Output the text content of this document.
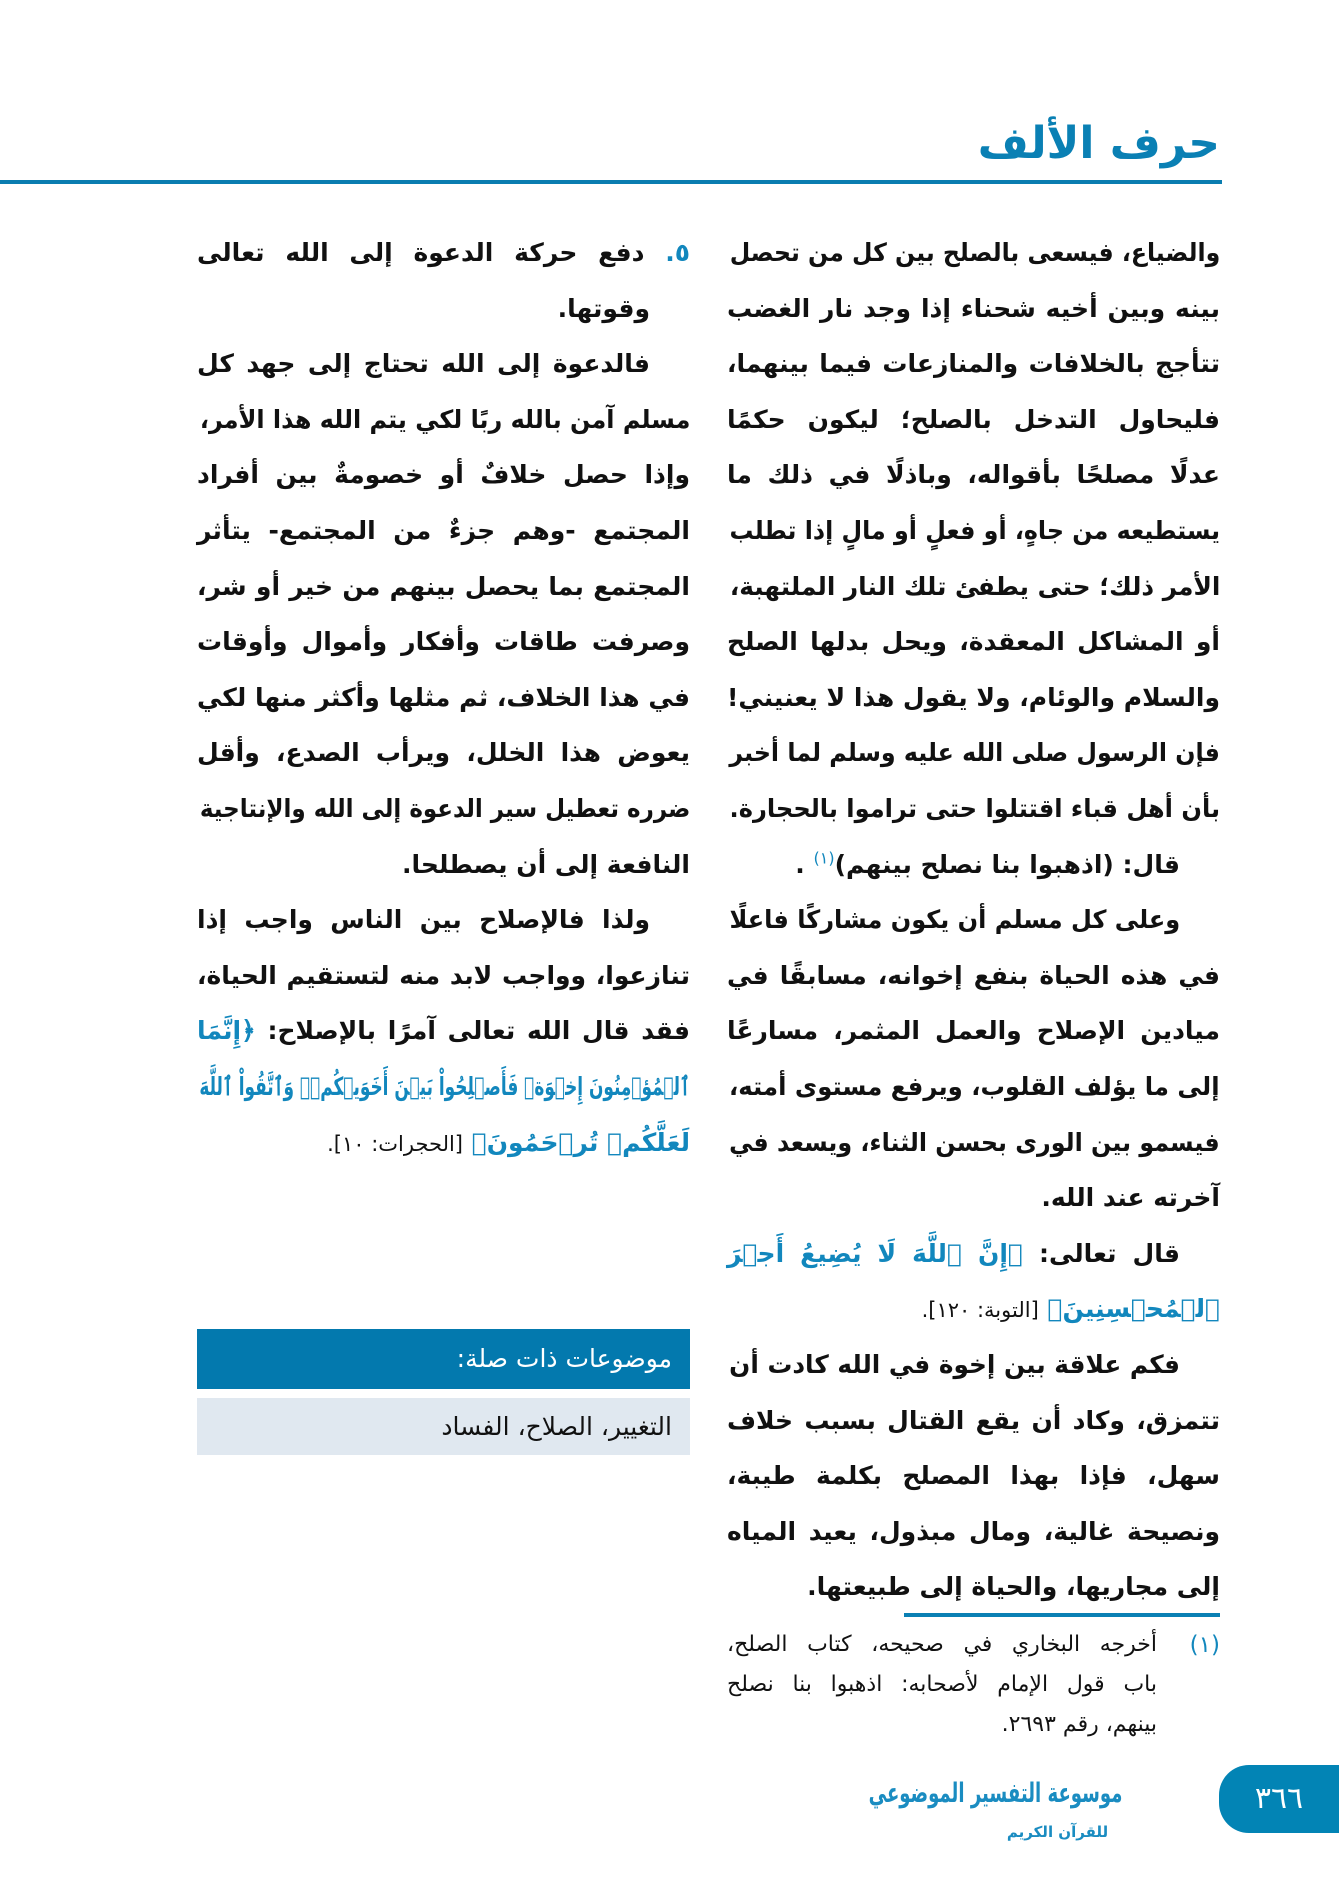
حرف الألف
والضياع، فيسعى بالصلح بين كل من تحصل
بينه وبين أخيه شحناء إذا وجد نار الغضب
تتأجج بالخلافات والمنازعات فيما بينهما،
فليحاول التدخل بالصلح؛ ليكون حكمًا
عدلًا مصلحًا بأقواله، وباذلًا في ذلك ما
يستطيعه من جاهٍ، أو فعلٍ أو مالٍ إذا تطلب
الأمر ذلك؛ حتى يطفئ تلك النار الملتهبة،
أو المشاكل المعقدة، ويحل بدلها الصلح
والسلام والوئام، ولا يقول هذا لا يعنيني!
فإن الرسول صلى الله عليه وسلم لما أخبر
بأن أهل قباء اقتتلوا حتى تراموا بالحجارة.
قال: (اذهبوا بنا نصلح بينهم)$^{(١)}$ .
وعلى كل مسلم أن يكون مشاركًا فاعلًا
في هذه الحياة بنفع إخوانه، مسابقًا في
ميادين الإصلاح والعمل المثمر، مسارعًا
إلى ما يؤلف القلوب، ويرفع مستوى أمته،
فيسمو بين الورى بحسن الثناء، ويسعد في
آخرته عند الله.
قال تعالى: ﴿إِنَّ ٱللَّهَ لَا يُضِيعُ أَجۡرَ
ٱلۡمُحۡسِنِينَ﴾ [التوبة: ١٢٠].
فكم علاقة بين إخوة في الله كادت أن
تتمزق، وكاد أن يقع القتال بسبب خلاف
سهل، فإذا بهذا المصلح بكلمة طيبة،
ونصيحة غالية، ومال مبذول، يعيد المياه
إلى مجاريها، والحياة إلى طبيعتها.
٥. دفع حركة الدعوة إلى الله تعالى
وقوتها.
فالدعوة إلى الله تحتاج إلى جهد كل
مسلم آمن بالله ربًا لكي يتم الله هذا الأمر،
وإذا حصل خلافٌ أو خصومةٌ بين أفراد
المجتمع -وهم جزءٌ من المجتمع- يتأثر
المجتمع بما يحصل بينهم من خير أو شر،
وصرفت طاقات وأفكار وأموال وأوقات
في هذا الخلاف، ثم مثلها وأكثر منها لكي
يعوض هذا الخلل، ويرأب الصدع، وأقل
ضرره تعطيل سير الدعوة إلى الله والإنتاجية
النافعة إلى أن يصطلحا.
ولذا فالإصلاح بين الناس واجب إذا
تنازعوا، وواجب لابد منه لتستقيم الحياة،
فقد قال الله تعالى آمرًا بالإصلاح: ﴿إِنَّمَا
ٱلۡمُؤۡمِنُونَ إِخۡوَةٞ فَأَصۡلِحُواْ بَيۡنَ أَخَوَيۡكُمۡۚ وَٱتَّقُواْ ٱللَّهَ
لَعَلَّكُمۡ تُرۡحَمُونَ﴾ [الحجرات: ١٠].
موضوعات ذات صلة:
التغيير، الصلاح، الفساد
(١)
أخرجه البخاري في صحيحه، كتاب الصلح،
باب قول الإمام لأصحابه: اذهبوا بنا نصلح
بينهم، رقم ٢٦٩٣.
موسوعة التفسير الموضوعي
للقرآن الكريم
٣٦٦
